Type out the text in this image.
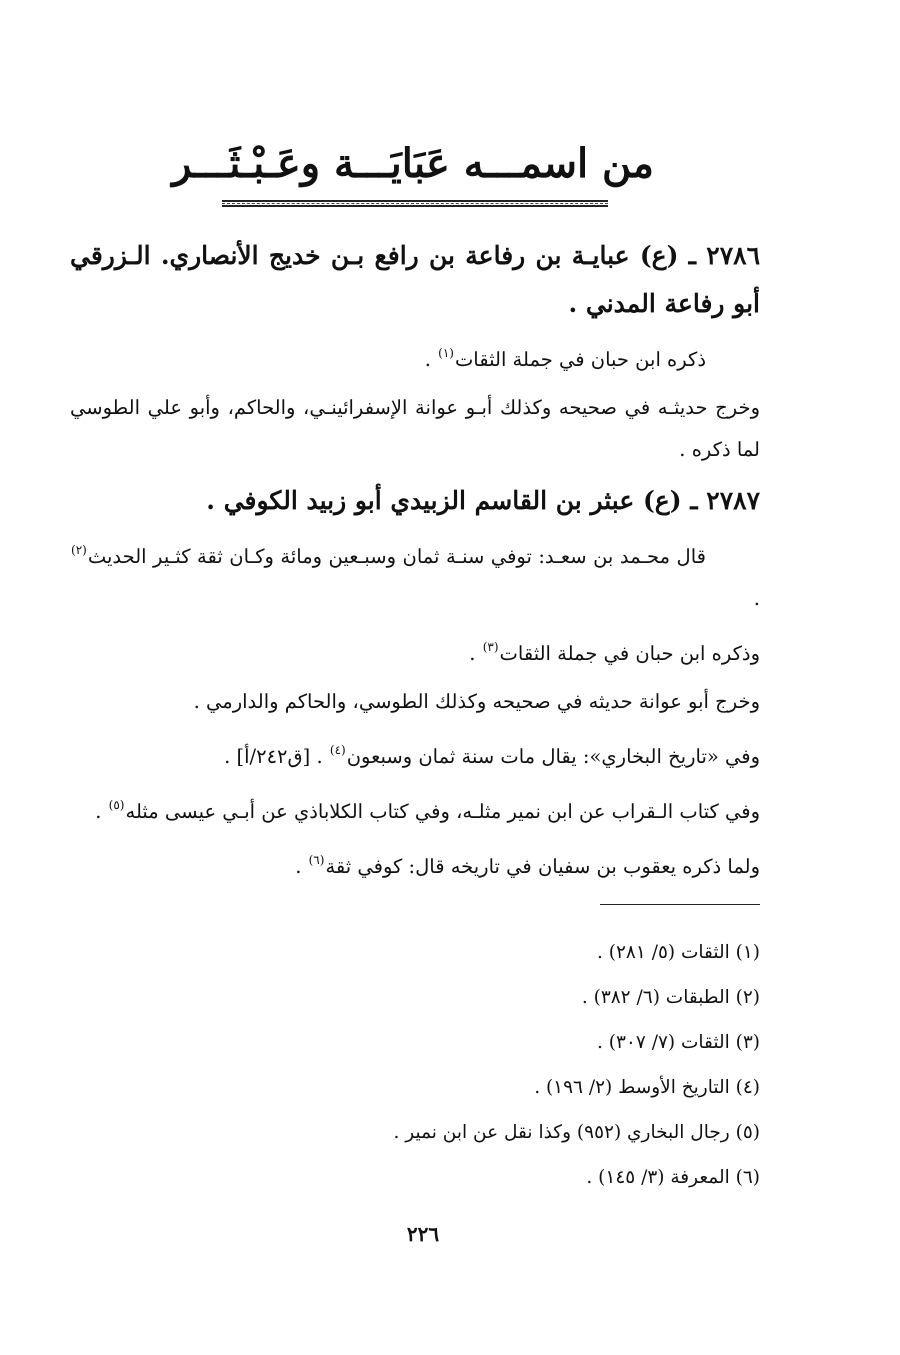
من اسمـــه عَبَايَـــة وعَـبْـثَـــر
٢٧٨٦ ـ (ع) عبايـة بن رفاعة بن رافع بـن خديج الأنصاري. الـزرقي أبو رفاعة المدني .

ذكره ابن حبان في جملة الثقات$^{(١)}$ .

وخرج حديثـه في صحيحه وكذلك أبـو عوانة الإسفرائينـي، والحاكم، وأبو علي الطوسي لما ذكره .

٢٧٨٧ ـ (ع) عبثر بن القاسم الزبيدي أبو زبيد الكوفي .

قال محـمد بن سعـد: توفي سنـة ثمان وسبـعين ومائة وكـان ثقة كثـير الحديث$^{(٢)}$ .

وذكره ابن حبان في جملة الثقات$^{(٣)}$ .

وخرج أبو عوانة حديثه في صحيحه وكذلك الطوسي، والحاكم والدارمي .

وفي «تاريخ البخاري»: يقال مات سنة ثمان وسبعون$^{(٤)}$ . [ق٢٤٢/أ] .

وفي كتاب الـقراب عن ابن نمير مثلـه، وفي كتاب الكلاباذي عن أبـي عيسى مثله$^{(٥)}$ .

ولما ذكره يعقوب بن سفيان في تاريخه قال: كوفي ثقة$^{(٦)}$ .

(١) الثقات (٥/ ٢٨١) .
(٢) الطبقات (٦/ ٣٨٢) .
(٣) الثقات (٧/ ٣٠٧) .
(٤) التاريخ الأوسط (٢/ ١٩٦) .
(٥) رجال البخاري (٩٥٢) وكذا نقل عن ابن نمير .
(٦) المعرفة (٣/ ١٤٥) .
٢٢٦
